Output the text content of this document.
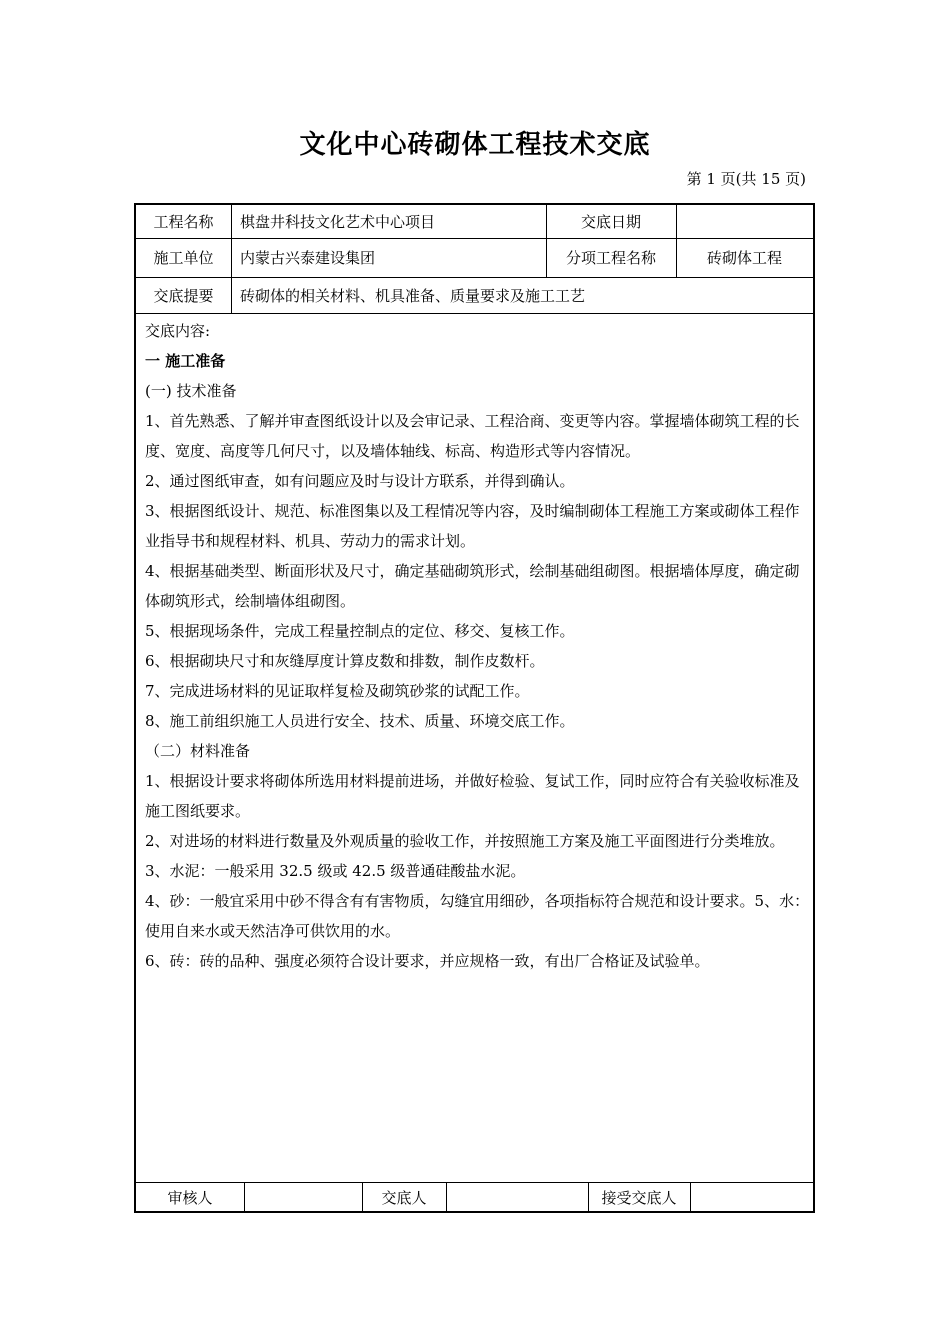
文化中心砖砌体工程技术交底
第 1 页(共 15 页)
工程名称	棋盘井科技文化艺术中心项目	交底日期
施工单位	内蒙古兴泰建设集团	分项工程名称	砖砌体工程
交底提要	砖砌体的相关材料、机具准备、质量要求及施工工艺

交底内容:

一 施工准备

(一) 技术准备

1、首先熟悉、了解并审查图纸设计以及会审记录、工程洽商、变更等内容。掌握墙体砌筑工程的长度、宽度、高度等几何尺寸，以及墙体轴线、标高、构造形式等内容情况。

2、通过图纸审查，如有问题应及时与设计方联系，并得到确认。

3、根据图纸设计、规范、标准图集以及工程情况等内容，及时编制砌体工程施工方案或砌体工程作业指导书和规程材料、机具、劳动力的需求计划。

4、根据基础类型、断面形状及尺寸，确定基础砌筑形式，绘制基础组砌图。根据墙体厚度，确定砌体砌筑形式，绘制墙体组砌图。

5、根据现场条件，完成工程量控制点的定位、移交、复核工作。

6、根据砌块尺寸和灰缝厚度计算皮数和排数，制作皮数杆。

7、完成进场材料的见证取样复检及砌筑砂浆的试配工作。

8、施工前组织施工人员进行安全、技术、质量、环境交底工作。

（二）材料准备

1、根据设计要求将砌体所选用材料提前进场，并做好检验、复试工作，同时应符合有关验收标准及施工图纸要求。

2、对进场的材料进行数量及外观质量的验收工作，并按照施工方案及施工平面图进行分类堆放。

3、水泥：一般采用 32.5 级或 42.5 级普通硅酸盐水泥。

4、砂：一般宜采用中砂不得含有有害物质，勾缝宜用细砂，各项指标符合规范和设计要求。5、水：使用自来水或天然洁净可供饮用的水。

6、砖：砖的品种、强度必须符合设计要求，并应规格一致，有出厂合格证及试验单。

审核人	交底人	接受交底人
